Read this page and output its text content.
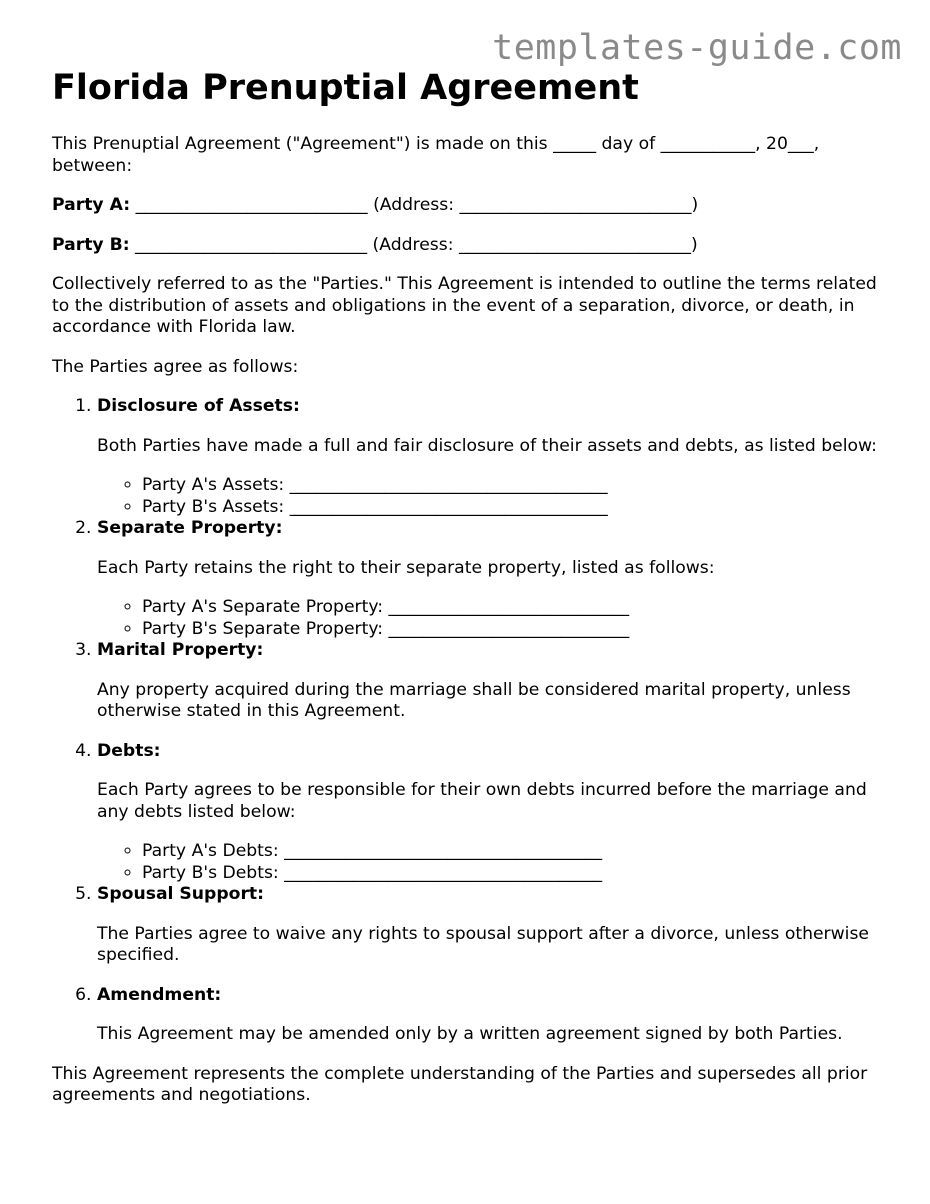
templates-guide.com
Florida Prenuptial Agreement

This Prenuptial Agreement ("Agreement") is made on this _____ day of ___________, 20___, between:

Party A: ___________________________ (Address: ___________________________)

Party B: ___________________________ (Address: ___________________________)

Collectively referred to as the "Parties." This Agreement is intended to outline the terms related to the distribution of assets and obligations in the event of a separation, divorce, or death, in accordance with Florida law.

The Parties agree as follows:

1. Disclosure of Assets:
Both Parties have made a full and fair disclosure of their assets and debts, as listed below:
◦ Party A's Assets: _____________________________________
◦ Party B's Assets: _____________________________________
2. Separate Property:
Each Party retains the right to their separate property, listed as follows:
◦ Party A's Separate Property: ____________________________
◦ Party B's Separate Property: ____________________________
3. Marital Property:
Any property acquired during the marriage shall be considered marital property, unless otherwise stated in this Agreement.
4. Debts:
Each Party agrees to be responsible for their own debts incurred before the marriage and any debts listed below:
◦ Party A's Debts: _____________________________________
◦ Party B's Debts: _____________________________________
5. Spousal Support:
The Parties agree to waive any rights to spousal support after a divorce, unless otherwise specified.
6. Amendment:
This Agreement may be amended only by a written agreement signed by both Parties.

This Agreement represents the complete understanding of the Parties and supersedes all prior agreements and negotiations.
